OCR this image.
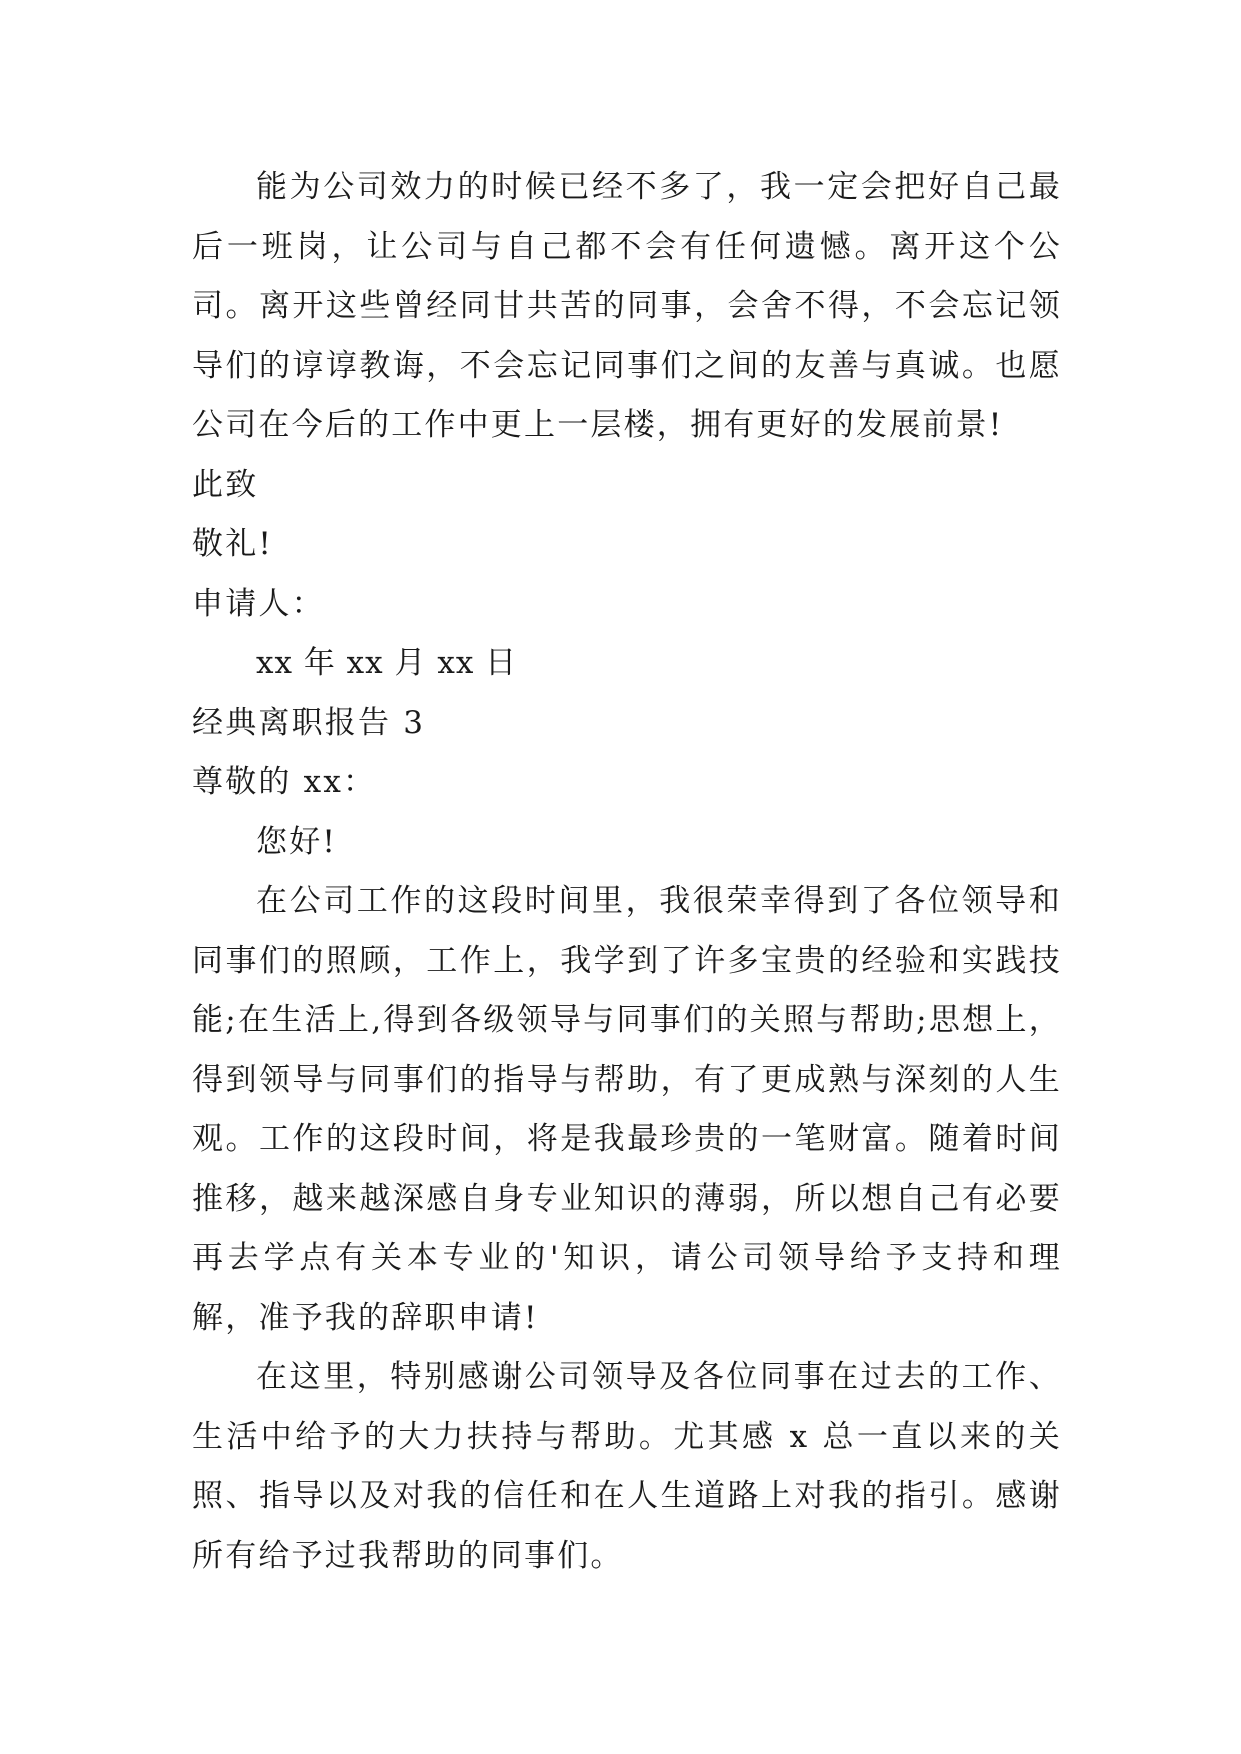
能为公司效力的时候已经不多了，我一定会把好自己最后一班岗，让公司与自己都不会有任何遗憾。离开这个公司。离开这些曾经同甘共苦的同事，会舍不得，不会忘记领导们的谆谆教诲，不会忘记同事们之间的友善与真诚。也愿公司在今后的工作中更上一层楼，拥有更好的发展前景!

此致

敬礼!

申请人：

xx 年 xx 月 xx 日

经典离职报告 3

尊敬的 xx：

您好!

在公司工作的这段时间里，我很荣幸得到了各位领导和同事们的照顾，工作上，我学到了许多宝贵的经验和实践技能;在生活上,得到各级领导与同事们的关照与帮助;思想上，得到领导与同事们的指导与帮助，有了更成熟与深刻的人生观。工作的这段时间，将是我最珍贵的一笔财富。随着时间推移，越来越深感自身专业知识的薄弱，所以想自己有必要再去学点有关本专业的'知识，请公司领导给予支持和理解，准予我的辞职申请!

在这里，特别感谢公司领导及各位同事在过去的工作、生活中给予的大力扶持与帮助。尤其感 x 总一直以来的关照、指导以及对我的信任和在人生道路上对我的指引。感谢所有给予过我帮助的同事们。
